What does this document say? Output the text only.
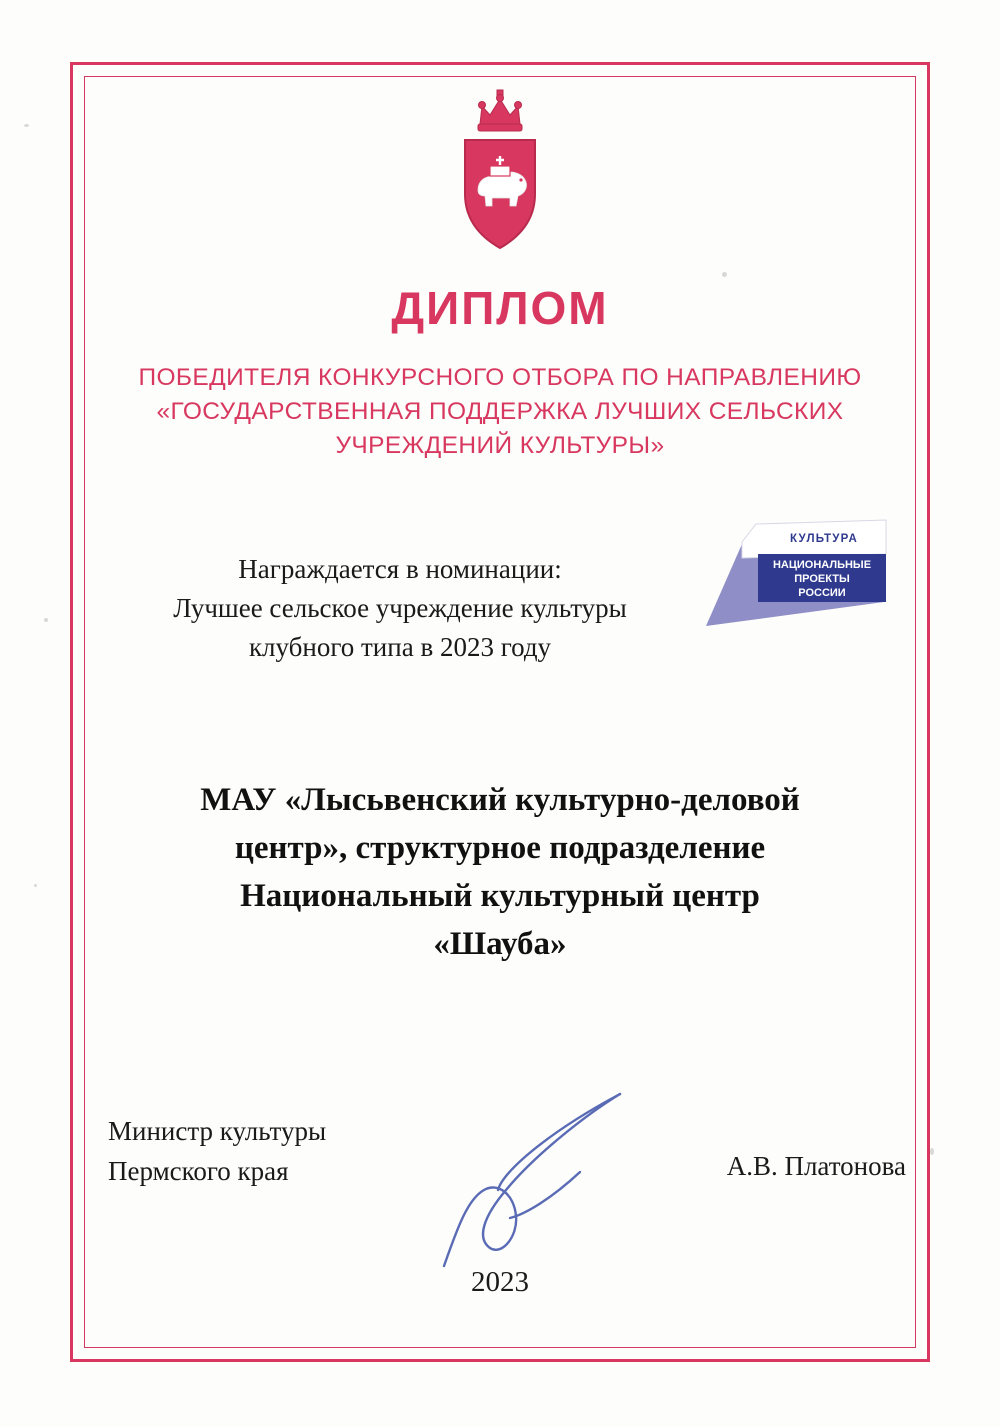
ДИПЛОМ
ПОБЕДИТЕЛЯ КОНКУРСНОГО ОТБОРА ПО НАПРАВЛЕНИЮ
«ГОСУДАРСТВЕННАЯ ПОДДЕРЖКА ЛУЧШИХ СЕЛЬСКИХ
УЧРЕЖДЕНИЙ КУЛЬТУРЫ»
Награждается в номинации:
Лучшее сельское учреждение культуры
клубного типа в 2023 году
КУЛЬТУРА
НАЦИОНАЛЬНЫЕ
ПРОЕКТЫ
РОССИИ
МАУ «Лысьвенский культурно-деловой
центр», структурное подразделение
Национальный культурный центр
«Шауба»
Министр культуры
Пермского края	А.В. Платонова
2023
